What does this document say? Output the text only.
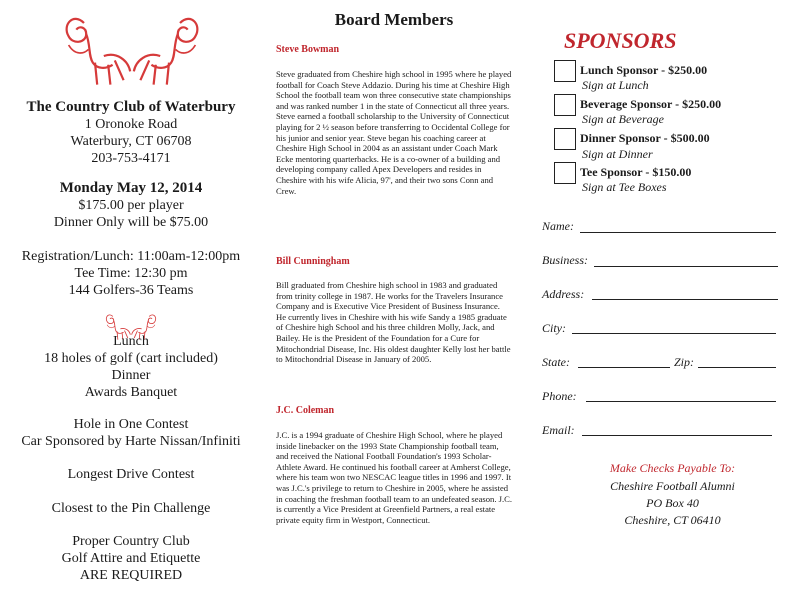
The Country Club of Waterbury
1 Oronoke Road
Waterbury, CT 06708
203-753-4171
Monday May 12, 2014
$175.00 per player
Dinner Only will be $75.00
Registration/Lunch: 11:00am-12:00pm
Tee Time: 12:30 pm
144 Golfers-36 Teams
Lunch
18 holes of golf (cart included)
Dinner
Awards Banquet
Hole in One Contest
Car Sponsored by Harte Nissan/Infiniti
Longest Drive Contest
Closest to the Pin Challenge
Proper Country Club
Golf Attire and Etiquette
ARE REQUIRED
Board Members
Steve Bowman
Steve graduated from Cheshire high school in 1995 where he played football for Coach Steve Addazio. During his time at Cheshire High School the football team won three consecutive state championships and was ranked number 1 in the state of Connecticut all three years. Steve earned a football scholarship to the University of Connecticut playing for 2 ½ season before transferring to Occidental College for his junior and senior year. Steve began his coaching career at Cheshire High School in 2004 as an assistant under Coach Mark Ecke mentoring quarterbacks. He is a co-owner of a building and developing company called Apex Developers and resides in Cheshire with his wife Alicia, 97', and their two sons Conn and Crew.
Bill Cunningham
Bill graduated from Cheshire high school in 1983 and graduated from trinity college in 1987. He works for the Travelers Insurance Company and is Executive Vice President of Business Insurance. He currently lives in Cheshire with his wife Sandy a 1985 graduate of Cheshire high School and his three children Molly, Jack, and Bailey. He is the President of the Foundation for a Cure for Mitochondrial Disease, Inc. His oldest daughter Kelly lost her battle to Mitochondrial Disease in January of 2005.
J.C. Coleman
J.C. is a 1994 graduate of Cheshire High School, where he played inside linebacker on the 1993 State Championship football team, and received the National Football Foundation's 1993 Scholar-Athlete Award. He continued his football career at Amherst College, where his team won two NESCAC league titles in 1996 and 1997. It was J.C.'s privilege to return to Cheshire in 2005, where he assisted in coaching the freshman football team to an undefeated season. J.C. is currently a Vice President at Greenfield Partners, a real estate private equity firm in Westport, Connecticut.
SPONSORS
Lunch Sponsor - $250.00
Sign at Lunch
Beverage Sponsor - $250.00
Sign at Beverage
Dinner Sponsor - $500.00
Sign at Dinner
Tee Sponsor - $150.00
Sign at Tee Boxes
Name:
Business:
Address:
City:
State:	Zip:
Phone:
Email:
Make Checks Payable To:
Cheshire Football Alumni
PO Box 40
Cheshire, CT 06410
